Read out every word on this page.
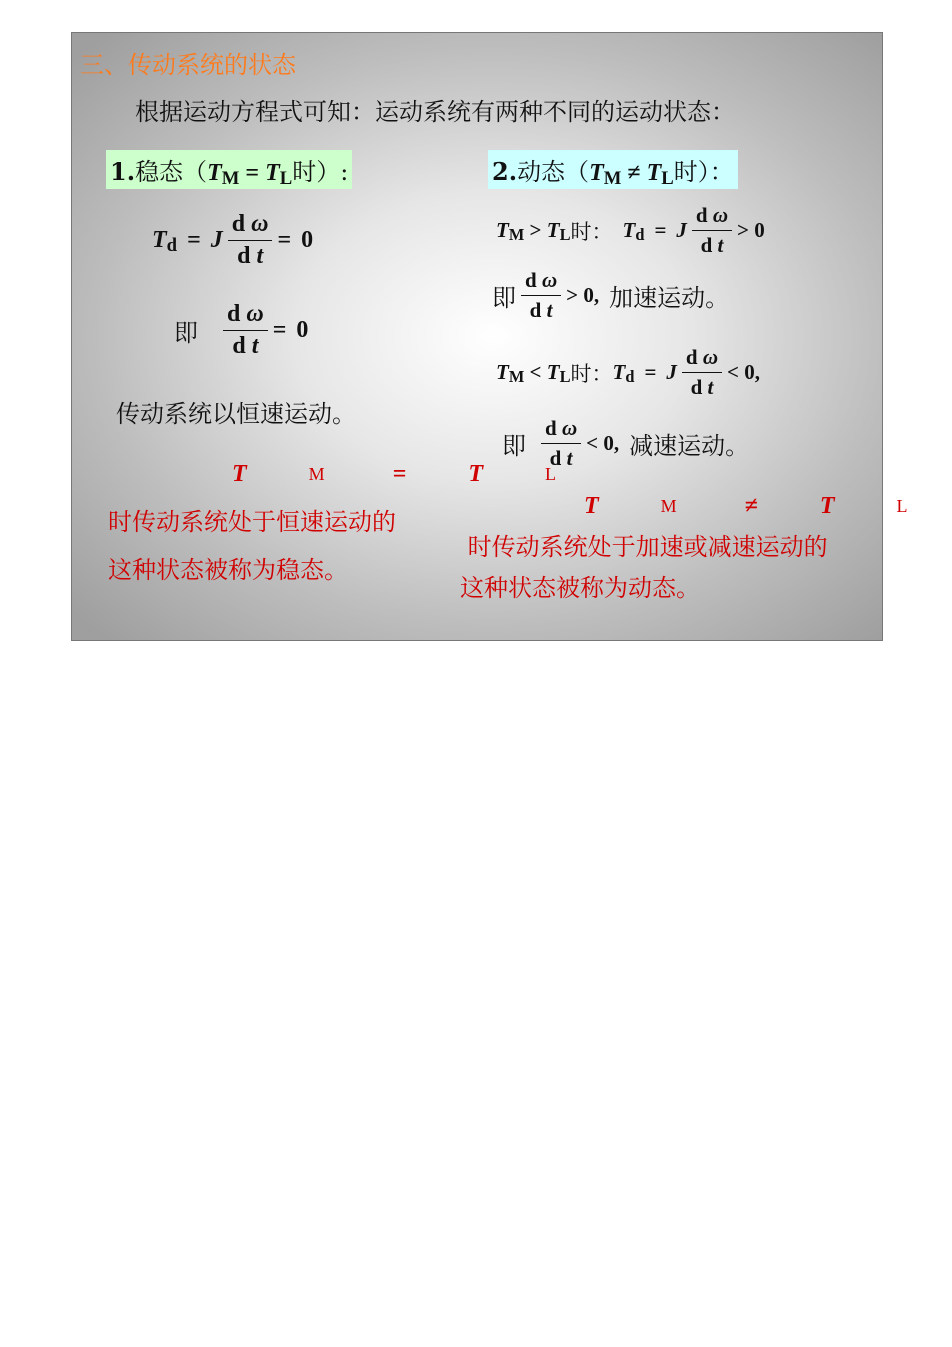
三、传动系统的状态
根据运动方程式可知：运动系统有两种不同的运动状态：
1.稳态（ T M = T L 时）:
T d = J $\frac{\text{d ω}}{\text{d t}} = 0$
即 $\frac{\text{d ω}}{\text{d t}} = 0$
传动系统以恒速运动。
T	M	=	T	L
时传动系统处于恒速运动的这种状态被称为稳态。
2.动态（ T M ≠ T L 时）：
T M > T L 时： T d = J $\frac{\text{d ω}}{\text{d t}} > 0$
即 $\frac{\text{d ω}}{\text{d t}} > 0$, 加速运动。
T M < T L 时： T d = J $\frac{\text{d ω}}{\text{d t}} < 0$,
即 $\frac{\text{d ω}}{\text{d t}} < 0$, 减速运动。
T	M	≠	T	L
时传动系统处于加速或减速运动的这种状态被称为动态。
